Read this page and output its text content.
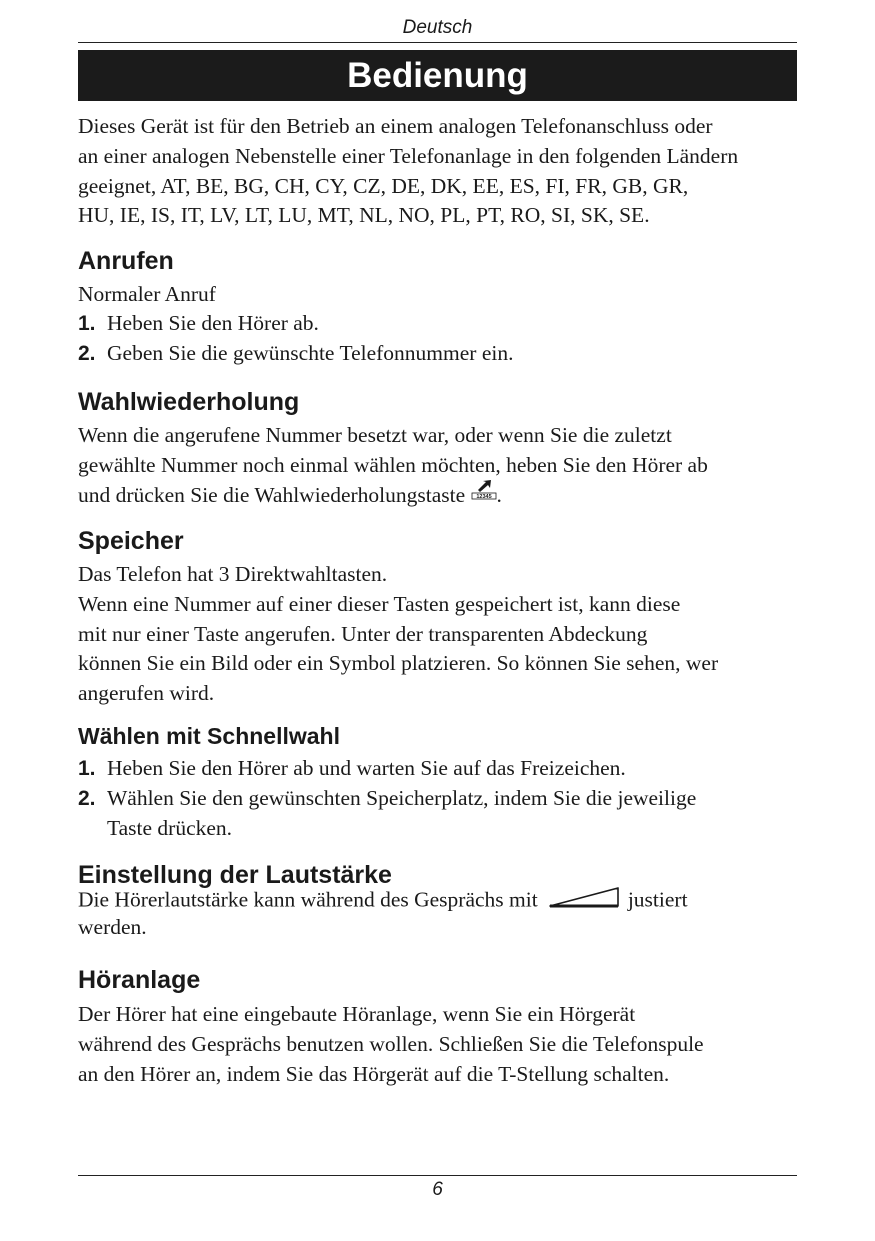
Deutsch
Bedienung

Dieses Gerät ist für den Betrieb an einem analogen Telefonanschluss oder

an einer analogen Nebenstelle einer Telefonanlage in den folgenden Ländern

geeignet, AT, BE, BG, CH, CY, CZ, DE, DK, EE, ES, FI, FR, GB, GR,

HU, IE, IS, IT, LV, LT, LU, MT, NL, NO, PL, PT, RO, SI, SK, SE.

Anrufen

Normaler Anruf

1. Heben Sie den Hörer ab.
2. Geben Sie die gewünschte Telefonnummer ein.
Wahlwiederholung

Wenn die angerufene Nummer besetzt war, oder wenn Sie die zuletzt

gewählte Nummer noch einmal wählen möchten, heben Sie den Hörer ab

und drücken Sie die Wahlwiederholungstaste 12345 .

Speicher

Das Telefon hat 3 Direktwahltasten.

Wenn eine Nummer auf einer dieser Tasten gespeichert ist, kann diese

mit nur einer Taste angerufen. Unter der transparenten Abdeckung

können Sie ein Bild oder ein Symbol platzieren. So können Sie sehen, wer

angerufen wird.

Wählen mit Schnellwahl
1. Heben Sie den Hörer ab und warten Sie auf das Freizeichen.
2. Wählen Sie den gewünschten Speicherplatz, indem Sie die jeweilige
Taste drücken.
Einstellung der Lautstärke

Die Hörerlautstärke kann während des Gesprächs mit	justiert

werden.

Höranlage

Der Hörer hat eine eingebaute Höranlage, wenn Sie ein Hörgerät

während des Gesprächs benutzen wollen. Schließen Sie die Telefonspule

an den Hörer an, indem Sie das Hörgerät auf die T-Stellung schalten.

6
